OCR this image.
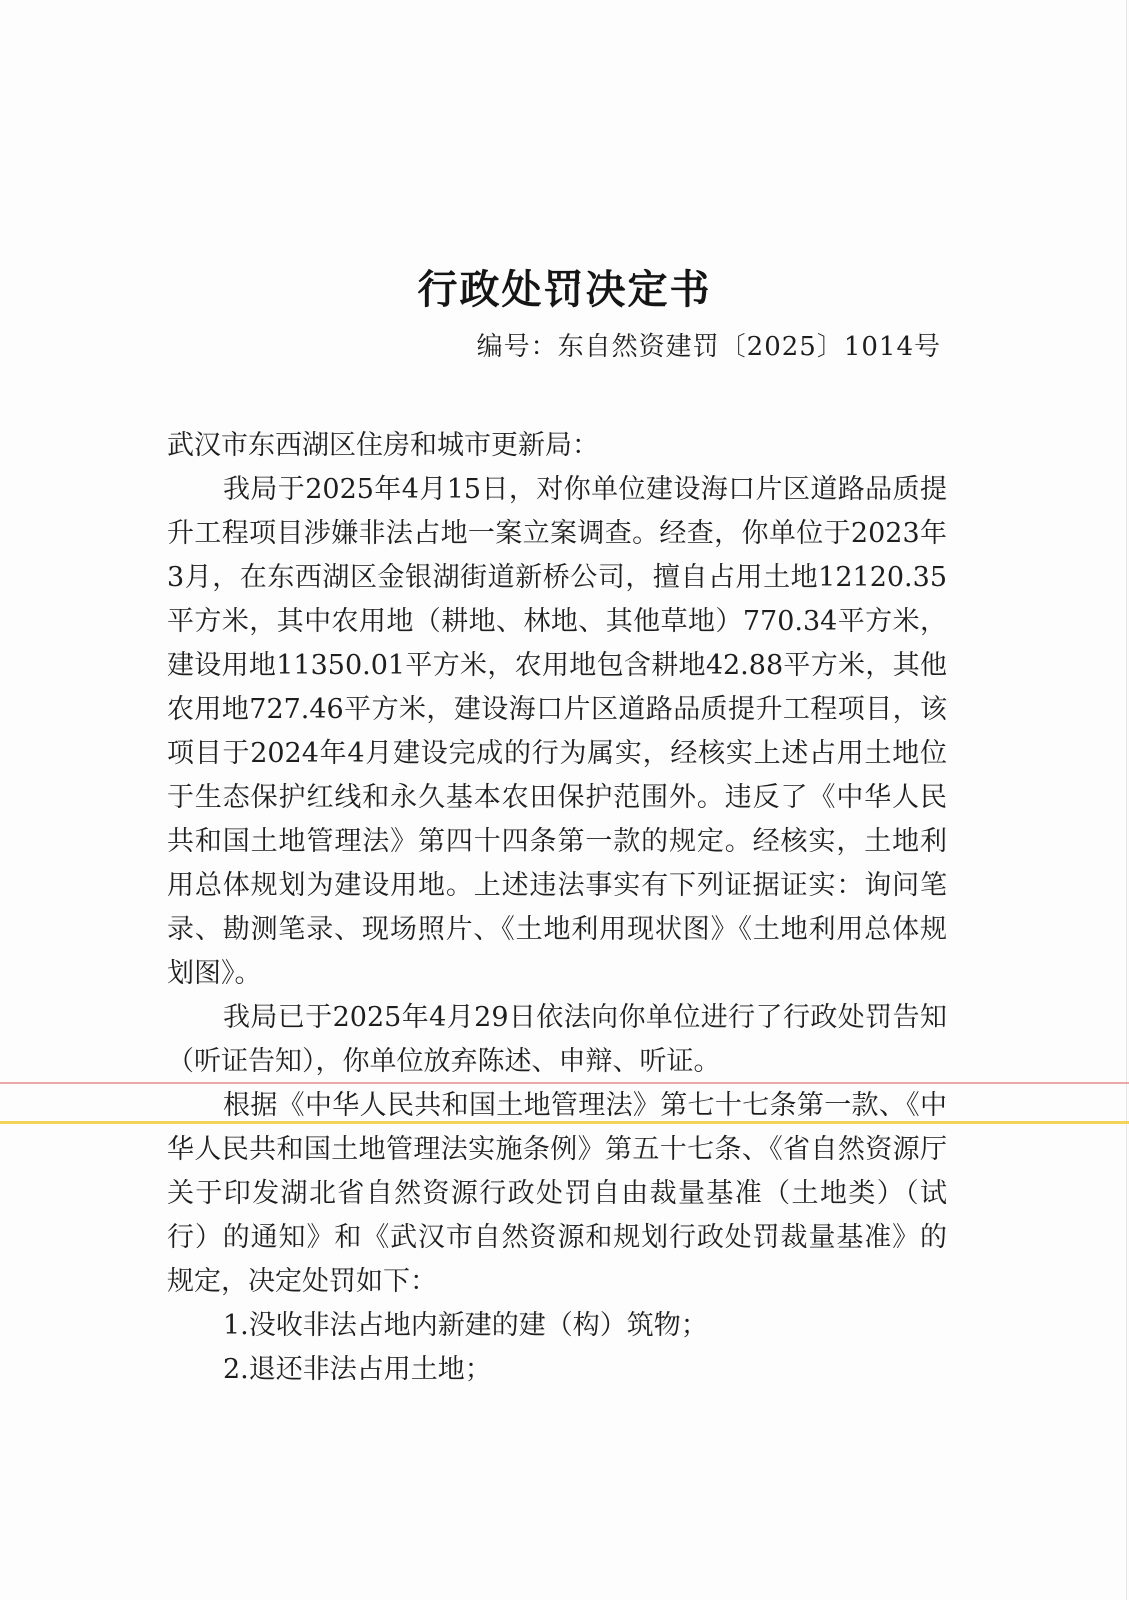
行政处罚决定书
编号：东自然资建罚〔2025〕1014号

武汉市东西湖区住房和城市更新局：

我局于2025年4月15日，对你单位建设海口片区道路品质提升工程项目涉嫌非法占地一案立案调查。经查，你单位于2023年3月，在东西湖区金银湖街道新桥公司，擅自占用土地12120.35平方米，其中农用地（耕地、林地、其他草地）770.34平方米，建设用地11350.01平方米，农用地包含耕地42.88平方米，其他农用地727.46平方米，建设海口片区道路品质提升工程项目，该项目于2024年4月建设完成的行为属实，经核实上述占用土地位于生态保护红线和永久基本农田保护范围外。违反了《中华人民共和国土地管理法》第四十四条第一款的规定。经核实，土地利用总体规划为建设用地。上述违法事实有下列证据证实：询问笔录、勘测笔录、现场照片、《土地利用现状图》《土地利用总体规划图》。

我局已于2025年4月29日依法向你单位进行了行政处罚告知（听证告知），你单位放弃陈述、申辩、听证。

根据《中华人民共和国土地管理法》第七十七条第一款、《中华人民共和国土地管理法实施条例》第五十七条、《省自然资源厅关于印发湖北省自然资源行政处罚自由裁量基准（土地类）（试行）的通知》和《武汉市自然资源和规划行政处罚裁量基准》的规定，决定处罚如下：

1.没收非法占地内新建的建（构）筑物；

2.退还非法占用土地；
